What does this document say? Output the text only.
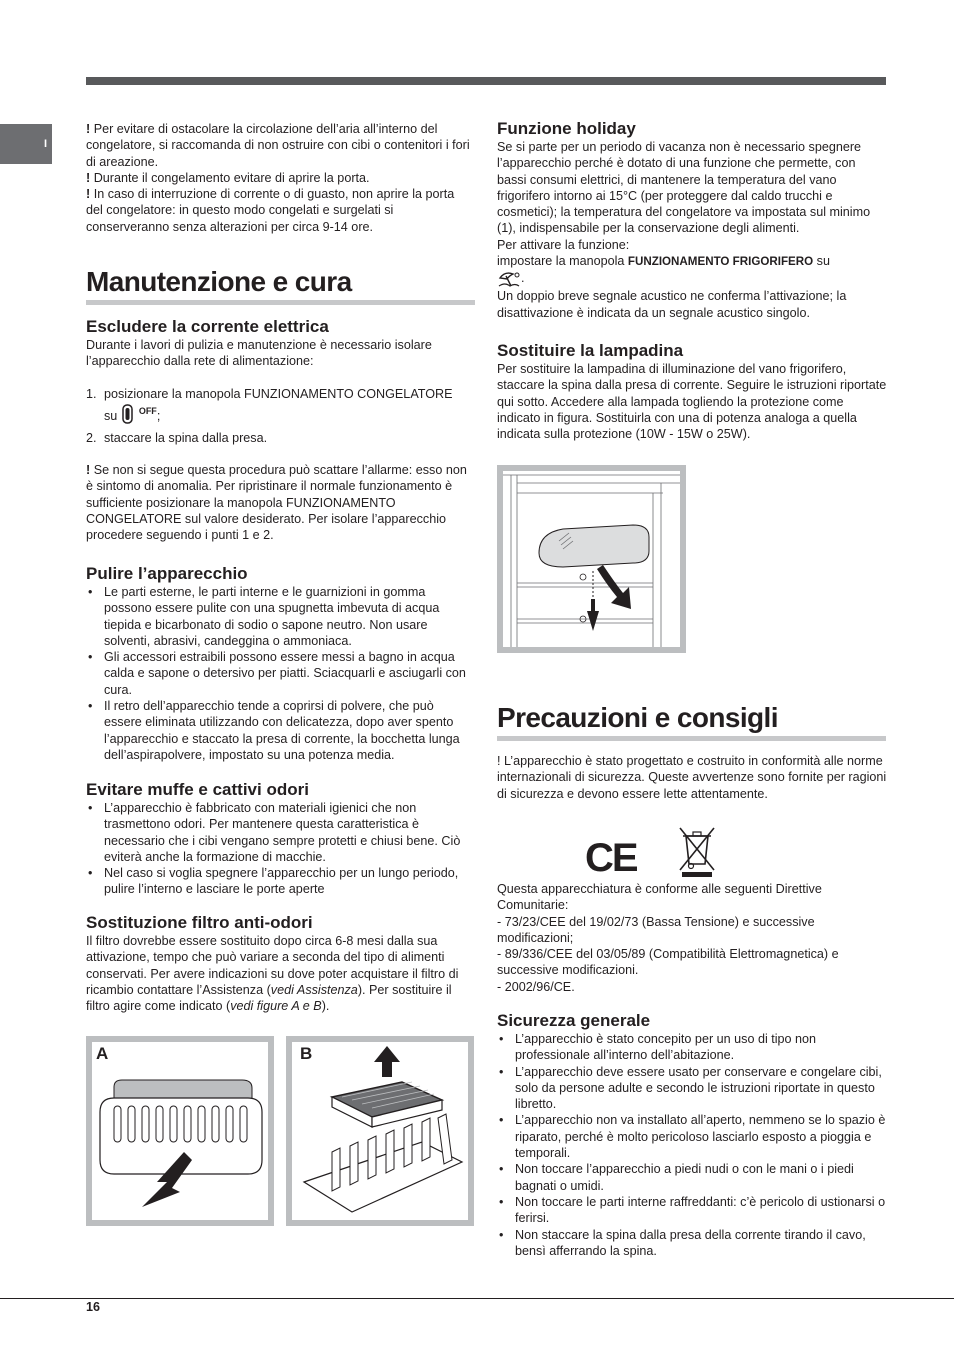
I

! Per evitare di ostacolare la circolazione dell’aria all’interno del congelatore, si raccomanda di non ostruire con cibi o contenitori i fori di areazione.

! Durante il congelamento evitare di aprire la porta.

! In caso di interruzione di corrente o di guasto, non aprire la porta del congelatore: in questo modo congelati e surgelati si conserveranno senza alterazioni per circa 9-14 ore.

Manutenzione e cura
Escludere la corrente elettrica

Durante i lavori di pulizia e manutenzione è necessario isolare l’apparecchio dalla rete di alimentazione:

1. posizionare la manopola FUNZIONAMENTO CONGELATORE
su $^{OFF}$;
2. staccare la spina dalla presa.

! Se non si segue questa procedura può scattare l’allarme: esso non è sintomo di anomalia. Per ripristinare il normale funzionamento è sufficiente posizionare la manopola FUNZIONAMENTO CONGELATORE sul valore desiderato. Per isolare l’apparecchio procedere seguendo i punti 1 e 2.

Pulire l’apparecchio
• Le parti esterne, le parti interne e le guarnizioni in gomma possono essere pulite con una spugnetta imbevuta di acqua tiepida e bicarbonato di sodio o sapone neutro. Non usare solventi, abrasivi, candeggina o ammoniaca.
• Gli accessori estraibili possono essere messi a bagno in acqua calda e sapone o detersivo per piatti. Sciacquarli e asciugarli con cura.
• Il retro dell’apparecchio tende a coprirsi di polvere, che può essere eliminata utilizzando con delicatezza, dopo aver spento l’apparecchio e staccato la presa di corrente, la bocchetta lunga dell’aspirapolvere, impostato su una potenza media.
Evitare muffe e cattivi odori
• L’apparecchio è fabbricato con materiali igienici che non trasmettono odori. Per mantenere questa caratteristica è necessario che i cibi vengano sempre protetti e chiusi bene. Ciò eviterà anche la formazione di macchie.
• Nel caso si voglia spegnere l’apparecchio per un lungo periodo, pulire l’interno e lasciare le porte aperte
Sostituzione filtro anti-odori

Il filtro dovrebbe essere sostituito dopo circa 6-8 mesi dalla sua attivazione, tempo che può variare a seconda del tipo di alimenti conservati. Per avere indicazioni su dove poter acquistare il filtro di ricambio contattare l’Assistenza (vedi Assistenza). Per sostituire il filtro agire come indicato (vedi figure A e B).

A	B
Funzione holiday

Se si parte per un periodo di vacanza non è necessario spegnere l’apparecchio perché è dotato di una funzione che permette, con bassi consumi elettrici, di mantenere la temperatura del vano frigorifero intorno ai 15°C (per proteggere dal caldo trucchi e cosmetici); la temperatura del congelatore va impostata sul minimo (1), indispensabile per la conservazione degli alimenti.

Per attivare la funzione:

impostare la manopola FUNZIONAMENTO FRIGORIFERO su

.

Un doppio breve segnale acustico ne conferma l’attivazione; la disattivazione è indicata da un segnale acustico singolo.

Sostituire la lampadina

Per sostituire la lampadina di illuminazione del vano frigorifero, staccare la spina dalla presa di corrente. Seguire le istruzioni riportate qui sotto. Accedere alla lampada togliendo la protezione come indicato in figura. Sostituirla con una di potenza analoga a quella indicata sulla protezione (10W - 15W o 25W).

Precauzioni e consigli

! L’apparecchio è stato progettato e costruito in conformità alle norme internazionali di sicurezza. Queste avvertenze sono fornite per ragioni di sicurezza e devono essere lette attentamente.

CE

Questa apparecchiatura è conforme alle seguenti Direttive Comunitarie:

- 73/23/CEE del 19/02/73 (Bassa Tensione) e successive modificazioni;

- 89/336/CEE del 03/05/89 (Compatibilità Elettromagnetica) e successive modificazioni.

- 2002/96/CE.

Sicurezza generale
• L’apparecchio è stato concepito per un uso di tipo non professionale all’interno dell’abitazione.
• L’apparecchio deve essere usato per conservare e congelare cibi, solo da persone adulte e secondo le istruzioni riportate in questo libretto.
• L’apparecchio non va installato all’aperto, nemmeno se lo spazio è riparato, perché è molto pericoloso lasciarlo esposto a pioggia e temporali.
• Non toccare l’apparecchio a piedi nudi o con le mani o i piedi bagnati o umidi.
• Non toccare le parti interne raffreddanti: c’è pericolo di ustionarsi o ferirsi.
• Non staccare la spina dalla presa della corrente tirando il cavo, bensì afferrando la spina.
16
